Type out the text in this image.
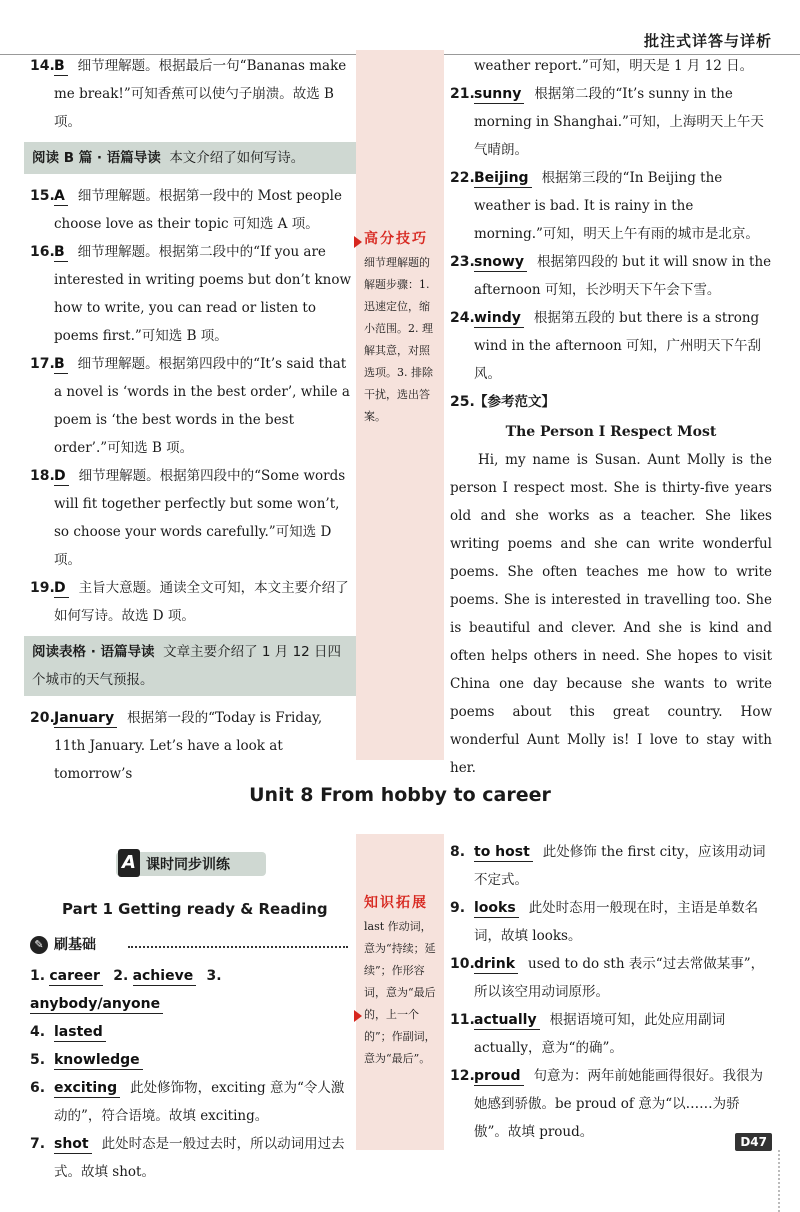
批注式详答与详析
14. B 细节理解题。根据最后一句“Bananas make me break!”可知香蕉可以使勺子崩溃。故选 B 项。
阅读 B 篇 · 语篇导读 本文介绍了如何写诗。
15. A 细节理解题。根据第一段中的 Most people choose love as their topic 可知选 A 项。
16. B 细节理解题。根据第二段中的“If you are interested in writing poems but don’t know how to write, you can read or listen to poems first.”可知选 B 项。
17. B 细节理解题。根据第四段中的“It’s said that a novel is ‘words in the best order’, while a poem is ‘the best words in the best order’.”可知选 B 项。
18. D 细节理解题。根据第四段中的“Some words will fit together perfectly but some won’t, so choose your words carefully.”可知选 D 项。
19. D 主旨大意题。通读全文可知，本文主要介绍了如何写诗。故选 D 项。
阅读表格 · 语篇导读 文章主要介绍了 1 月 12 日四个城市的天气预报。
20. January 根据第一段的“Today is Friday, 11th January. Let’s have a look at tomorrow’s
高分技巧
细节理解题的解题步骤：1. 迅速定位，缩小范围。2. 理解其意，对照选项。3. 排除干扰，选出答案。
weather report.”可知，明天是 1 月 12 日。
21. sunny 根据第二段的“It’s sunny in the morning in Shanghai.”可知，上海明天上午天气晴朗。
22. Beijing 根据第三段的“In Beijing the weather is bad. It is rainy in the morning.”可知，明天上午有雨的城市是北京。
23. snowy 根据第四段的 but it will snow in the afternoon 可知，长沙明天下午会下雪。
24. windy 根据第五段的 but there is a strong wind in the afternoon 可知，广州明天下午刮风。
25. 【参考范文】
The Person I Respect Most

Hi, my name is Susan. Aunt Molly is the person I respect most. She is thirty-five years old and she works as a teacher. She likes writing poems and she can write wonderful poems. She often teaches me how to write poems. She is interested in travelling too. She is beautiful and clever. And she is kind and often helps others in need. She hopes to visit China one day because she wants to write poems about this great country. How wonderful Aunt Molly is! I love to stay with her.

Unit 8 From hobby to career
A 课时同步训练
Part 1 Getting ready & Reading
✎ 刷基础
1. career 2. achieve 3. anybody/anyone
4. lasted
5. knowledge
6. exciting 此处修饰物，exciting 意为“令人激动的”，符合语境。故填 exciting。
7. shot 此处时态是一般过去时，所以动词用过去式。故填 shot。
知识拓展
last 作动词，意为“持续；延续”；作形容词，意为“最后的，上一个的”；作副词，意为“最后”。
8. to host 此处修饰 the first city，应该用动词不定式。
9. looks 此处时态用一般现在时，主语是单数名词，故填 looks。
10. drink used to do sth 表示“过去常做某事”，所以该空用动词原形。
11. actually 根据语境可知，此处应用副词 actually，意为“的确”。
12. proud 句意为：两年前她能画得很好。我很为她感到骄傲。be proud of 意为“以……为骄傲”。故填 proud。
D47
